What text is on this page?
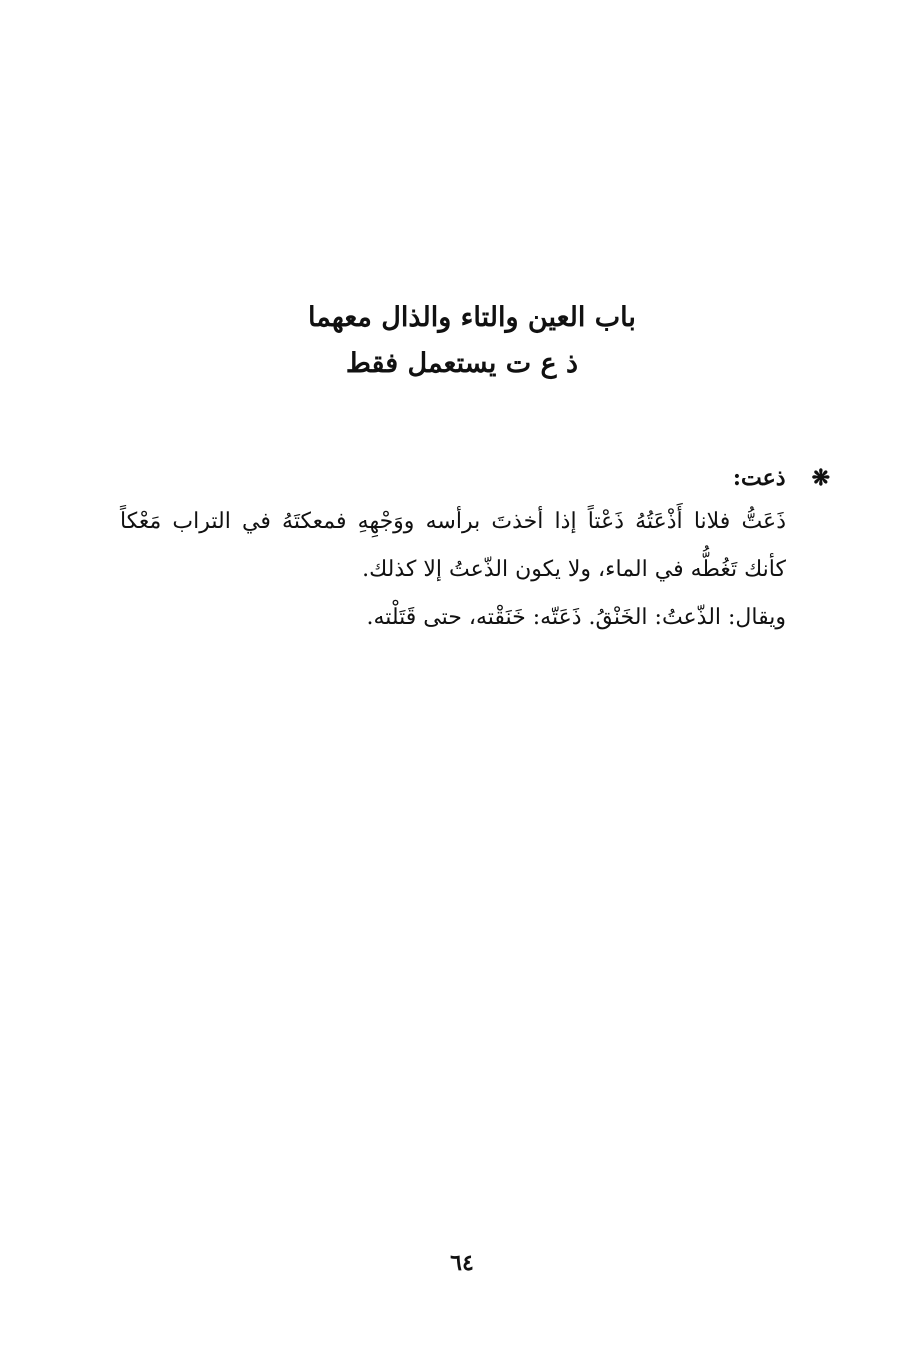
باب العين والتاء والذال معهما
ذ ع ت يستعمل فقط
❋
ذعت:
ذَعَتُّ فلانا أَذْعَتُهُ ذَعْتاً إذا أخذتَ برأسه ووَجْهِهِ فمعكتَهُ في التراب مَعْكاً كأنك تَغُطُّه في الماء، ولا يكون الذّعتُ إلا كذلك.
ويقال: الذّعتُ: الخَنْقُ. ذَعَتّه: خَنَقْته، حتى قَتَلْته.
٦٤
